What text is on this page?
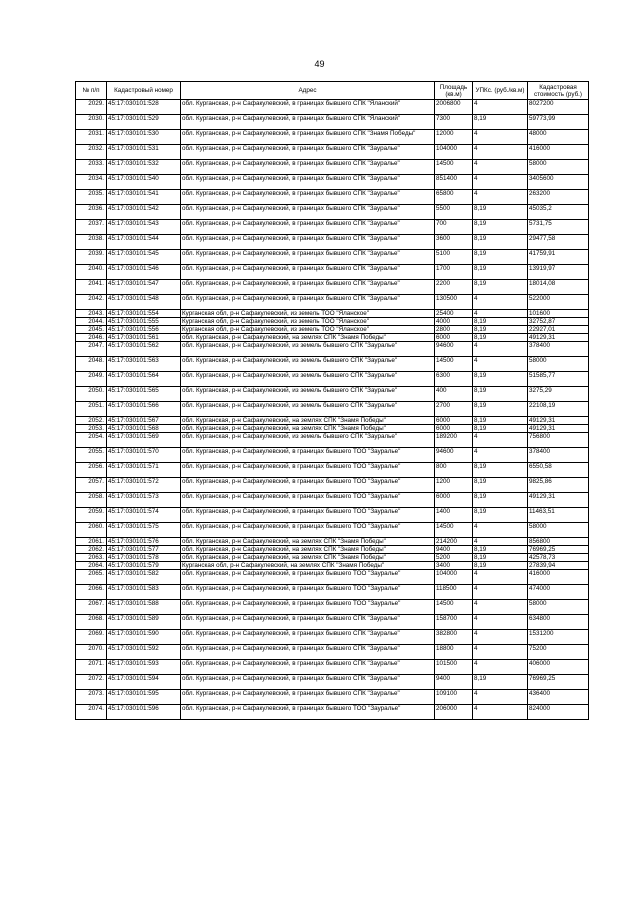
49
№ п/п	Кадастровый номер	Адрес	Площадь (кв.м)	УПКс. (руб./кв.м)	Кадастровая стоимость (руб.)
2029.	45:17:030101:528	обл. Курганская, р-н Сафакулевский, в границах бывшего СПК "Яланский"	2006800	4	8027200
2030.	45:17:030101:529	обл. Курганская, р-н Сафакулевский, в границах бывшего СПК "Яланский"	7300	8,19	59773,99
2031.	45:17:030101:530	обл. Курганская, р-н Сафакулевский, в границах бывшего СПК "Знамя Победы"	12000	4	48000
2032.	45:17:030101:531	обл. Курганская, р-н Сафакулевский, в границах бывшего СПК "Зауралье"	104000	4	416000
2033.	45:17:030101:532	обл. Курганская, р-н Сафакулевский, в границах бывшего СПК "Зауралье"	14500	4	58000
2034.	45:17:030101:540	обл. Курганская, р-н Сафакулевский, в границах бывшего СПК "Зауралье"	851400	4	3405600
2035.	45:17:030101:541	обл. Курганская, р-н Сафакулевский, в границах бывшего СПК "Зауралье"	65800	4	263200
2036.	45:17:030101:542	обл. Курганская, р-н Сафакулевский, в границах бывшего СПК "Зауралье"	5500	8,19	45035,2
2037.	45:17:030101:543	обл. Курганская, р-н Сафакулевский, в границах бывшего СПК "Зауралье"	700	8,19	5731,75
2038.	45:17:030101:544	обл. Курганская, р-н Сафакулевский, в границах бывшего СПК "Зауралье"	3600	8,19	29477,58
2039.	45:17:030101:545	обл. Курганская, р-н Сафакулевский, в границах бывшего СПК "Зауралье"	5100	8,19	41759,91
2040.	45:17:030101:546	обл. Курганская, р-н Сафакулевский, в границах бывшего СПК "Зауралье"	1700	8,19	13919,97
2041.	45:17:030101:547	обл. Курганская, р-н Сафакулевский, в границах бывшего СПК "Зауралье"	2200	8,19	18014,08
2042.	45:17:030101:548	обл. Курганская, р-н Сафакулевский, в границах бывшего СПК "Зауралье"	130500	4	522000
2043.	45:17:030101:554	Курганская обл, р-н Сафакулевский, из земель ТОО "Яланское"	25400	4	101600
2044.	45:17:030101:555	Курганская обл, р-н Сафакулевский, из земель ТОО "Яланское"	4000	8,19	32752,87
2045.	45:17:030101:556	Курганская обл, р-н Сафакулевский, из земель ТОО "Яланское"	2800	8,19	22927,01
2046.	45:17:030101:561	обл. Курганская, р-н Сафакулевский, на землях СПК "Знамя Победы"	6000	8,19	49129,31
2047.	45:17:030101:562	обл. Курганская, р-н Сафакулевский, из земель бывшего СПК "Зауралье"	94600	4	378400
2048.	45:17:030101:563	обл. Курганская, р-н Сафакулевский, из земель бывшего СПК "Зауралье"	14500	4	58000
2049.	45:17:030101:564	обл. Курганская, р-н Сафакулевский, из земель бывшего СПК "Зауралье"	6300	8,19	51585,77
2050.	45:17:030101:565	обл. Курганская, р-н Сафакулевский, из земель бывшего СПК "Зауралье"	400	8,19	3275,29
2051.	45:17:030101:566	обл. Курганская, р-н Сафакулевский, из земель бывшего СПК "Зауралье"	2700	8,19	22108,19
2052.	45:17:030101:567	обл. Курганская, р-н Сафакулевский, на землях СПК "Знамя Победы"	6000	8,19	49129,31
2053.	45:17:030101:568	обл. Курганская, р-н Сафакулевский, на землях СПК "Знамя Победы"	6000	8,19	49129,31
2054.	45:17:030101:569	обл. Курганская, р-н Сафакулевский, из земель бывшего СПК "Зауралье"	189200	4	756800
2055.	45:17:030101:570	обл. Курганская, р-н Сафакулевский, в границах бывшего ТОО "Зауралье"	94600	4	378400
2056.	45:17:030101:571	обл. Курганская, р-н Сафакулевский, в границах бывшего ТОО "Зауралье"	800	8,19	6550,58
2057.	45:17:030101:572	обл. Курганская, р-н Сафакулевский, в границах бывшего ТОО "Зауралье"	1200	8,19	9825,86
2058.	45:17:030101:573	обл. Курганская, р-н Сафакулевский, в границах бывшего ТОО "Зауралье"	6000	8,19	49129,31
2059.	45:17:030101:574	обл. Курганская, р-н Сафакулевский, в границах бывшего ТОО "Зауралье"	1400	8,19	11463,51
2060.	45:17:030101:575	обл. Курганская, р-н Сафакулевский, в границах бывшего ТОО "Зауралье"	14500	4	58000
2061.	45:17:030101:576	обл. Курганская, р-н Сафакулевский, на землях СПК "Знамя Победы"	214200	4	856800
2062.	45:17:030101:577	обл. Курганская, р-н Сафакулевский, на землях СПК "Знамя Победы"	9400	8,19	76969,25
2063.	45:17:030101:578	обл. Курганская, р-н Сафакулевский, на землях СПК "Знамя Победы"	5200	8,19	42578,73
2064.	45:17:030101:579	Курганская обл, р-н Сафакулевский, на землях СПК "Знамя Победы"	3400	8,19	27839,94
2065.	45:17:030101:582	обл. Курганская, р-н Сафакулевский, в границах бывшего ТОО "Зауралье"	104000	4	416000
2066.	45:17:030101:583	обл. Курганская, р-н Сафакулевский, в границах бывшего ТОО "Зауралье"	118500	4	474000
2067.	45:17:030101:588	обл. Курганская, р-н Сафакулевский, в границах бывшего ТОО "Зауралье"	14500	4	58000
2068.	45:17:030101:589	обл. Курганская, р-н Сафакулевский, в границах бывшего СПК "Зауралье"	158700	4	634800
2069.	45:17:030101:590	обл. Курганская, р-н Сафакулевский, в границах бывшего СПК "Зауралье"	382800	4	1531200
2070.	45:17:030101:592	обл. Курганская, р-н Сафакулевский, в границах бывшего СПК "Зауралье"	18800	4	75200
2071.	45:17:030101:593	обл. Курганская, р-н Сафакулевский, в границах бывшего СПК "Зауралье"	101500	4	406000
2072.	45:17:030101:594	обл. Курганская, р-н Сафакулевский, в границах бывшего СПК "Зауралье"	9400	8,19	76969,25
2073.	45:17:030101:595	обл. Курганская, р-н Сафакулевский, в границах бывшего СПК "Зауралье"	109100	4	436400
2074.	45:17:030101:596	обл. Курганская, р-н Сафакулевский, в границах бывшего ТОО "Зауралье"	206000	4	824000
